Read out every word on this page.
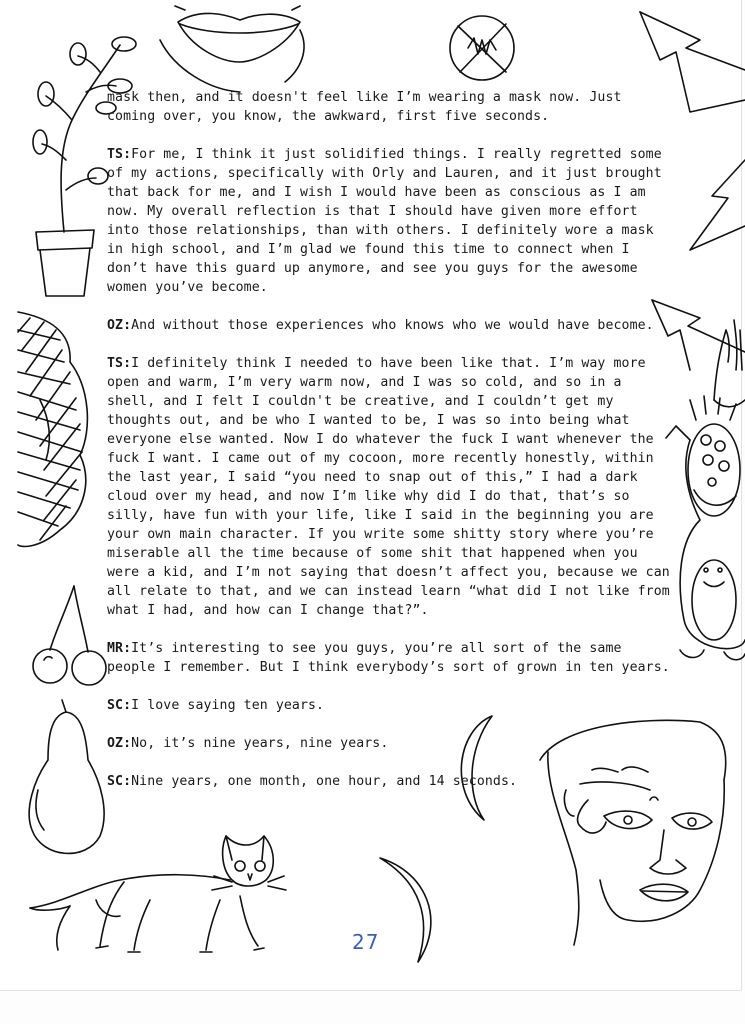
mask then, and it doesn't feel like I’m wearing a mask now. Just coming over, you know, the awkward, first five seconds.

TS:For me, I think it just solidified things. I really regretted some of my actions, specifically with Orly and Lauren, and it just brought that back for me, and I wish I would have been as conscious as I am now. My overall reflection is that I should have given more effort into those relationships, than with others. I definitely wore a mask in high school, and I’m glad we found this time to connect when I don’t have this guard up anymore, and see you guys for the awesome women you’ve become.

OZ:And without those experiences who knows who we would have become.

TS:I definitely think I needed to have been like that. I’m way more open and warm, I’m very warm now, and I was so cold, and so in a shell, and I felt I couldn't be creative, and I couldn’t get my thoughts out, and be who I wanted to be, I was so into being what everyone else wanted. Now I do whatever the fuck I want whenever the fuck I want. I came out of my cocoon, more recently honestly, within the last year, I said “you need to snap out of this,” I had a dark cloud over my head, and now I’m like why did I do that, that’s so silly, have fun with your life, like I said in the beginning you are your own main character. If you write some shitty story where you’re miserable all the time because of some shit that happened when you were a kid, and I’m not saying that doesn’t affect you, because we can all relate to that, and we can instead learn “what did I not like from what I had, and how can I change that?”.

MR:It’s interesting to see you guys, you’re all sort of the same people I remember. But I think everybody’s sort of grown in ten years.

SC:I love saying ten years.

OZ:No, it’s nine years, nine years.

SC:Nine years, one month, one hour, and 14 seconds.

27
